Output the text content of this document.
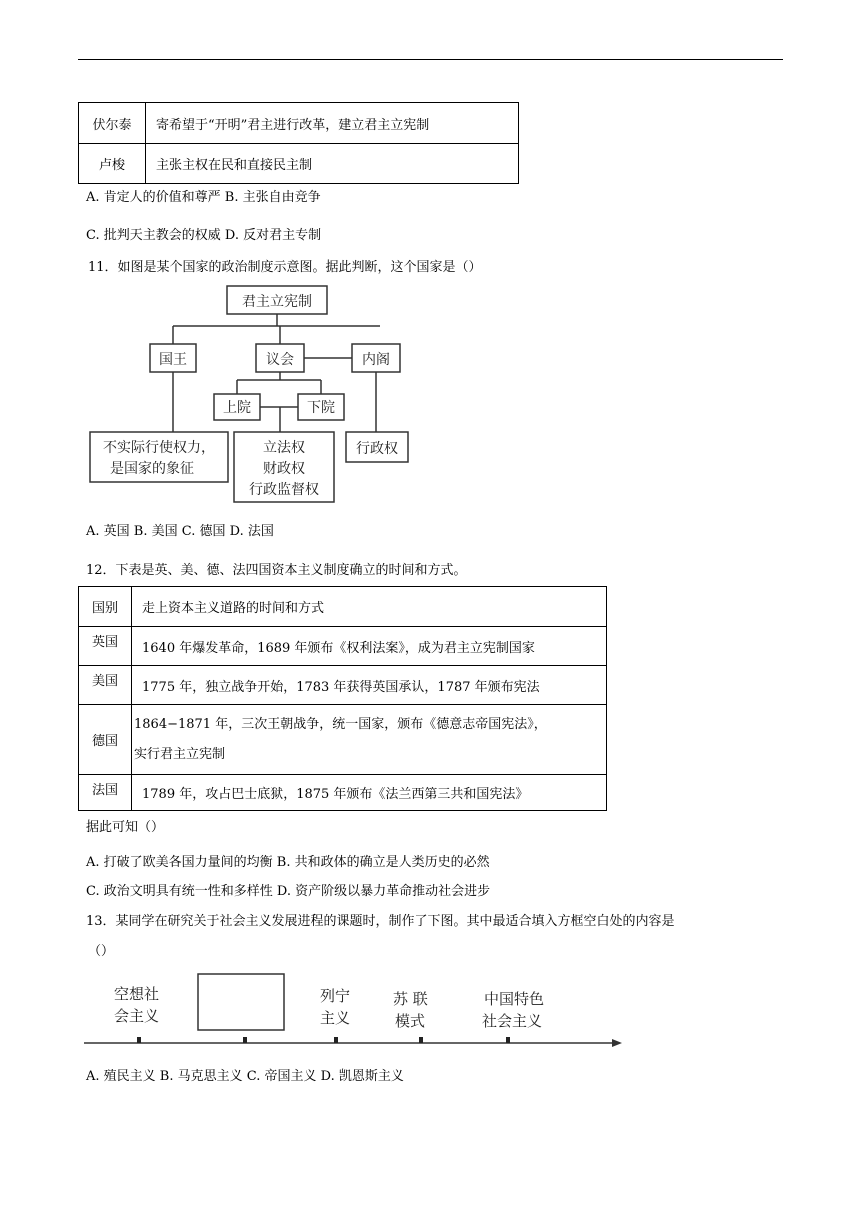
伏尔泰	寄希望于“开明”君主进行改革，建立君主立宪制
卢梭	主张主权在民和直接民主制
A. 肯定人的价值和尊严 B. 主张自由竞争
C. 批判天主教会的权威 D. 反对君主专制
11．如图是某个国家的政治制度示意图。据此判断，这个国家是（）
君主立宪制
国王	议会	内阁
上院	下院
不实际行使权力，
是国家的象征
立法权
财政权
行政监督权
行政权
A. 英国 B. 美国 C. 德国 D. 法国
12．下表是英、美、德、法四国资本主义制度确立的时间和方式。
国别	走上资本主义道路的时间和方式
英国	1640 年爆发革命，1689 年颁布《权利法案》，成为君主立宪制国家
美国	1775 年，独立战争开始，1783 年获得英国承认，1787 年颁布宪法
德国	1864−1871 年，三次王朝战争，统一国家，颁布《德意志帝国宪法》，
实行君主立宪制

法国	1789 年，攻占巴士底狱，1875 年颁布《法兰西第三共和国宪法》
据此可知（）
A. 打破了欧美各国力量间的均衡 B. 共和政体的确立是人类历史的必然
C. 政治文明具有统一性和多样性 D. 资产阶级以暴力革命推动社会进步
13．某同学在研究关于社会主义发展进程的课题时，制作了下图。其中最适合填入方框空白处的内容是
（）
空想社
会主义
列宁
主义
苏 联
模式
中国特色
社会主义
A. 殖民主义 B. 马克思主义 C. 帝国主义 D. 凯恩斯主义
